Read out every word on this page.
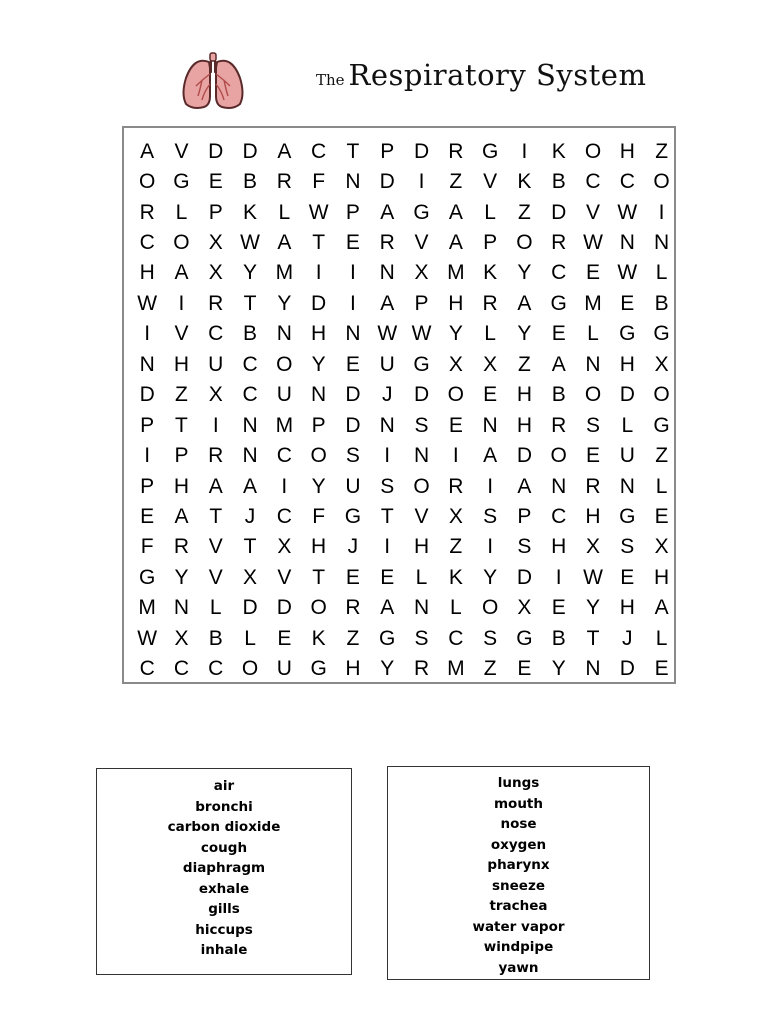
The Respiratory System
A V D D A C T P D R G	I	K O H Z
O G E B R F N D	I	Z V K B C C O
R L	P K	L W P A G A	L	Z D V W	I
C O X W A T E R V A P O R W N N
H A X Y M	I	I	N X M K Y C E W L
W	I	R T Y D	I	A P H R A G M E B
I	V C B N H N W W Y	L	Y E	L G G
N H U C O Y E U G X X Z A N H X
D Z X C U N D	J	D O E H B O D O
P T	I	N M P D N S E N H R S	L G
I	P R N C O S	I	N	I	A D O E U Z
P H A A	I	Y U S O R	I	A N R N L
E A T	J	C F G T V X S P C H G E
F R V T X H	J	I	H Z	I	S H X S X
G Y V X V T E E	L	K Y D	I	W E H
M N L D D O R A N L O X E Y H A
W X B	L	E K Z G S C S G B T	J	L
C C C O U G H Y R M Z E Y N D E
air
bronchi
carbon dioxide
cough
diaphragm
exhale
gills
hiccups
inhale
lungs
mouth
nose
oxygen
pharynx
sneeze
trachea
water vapor
windpipe
yawn
